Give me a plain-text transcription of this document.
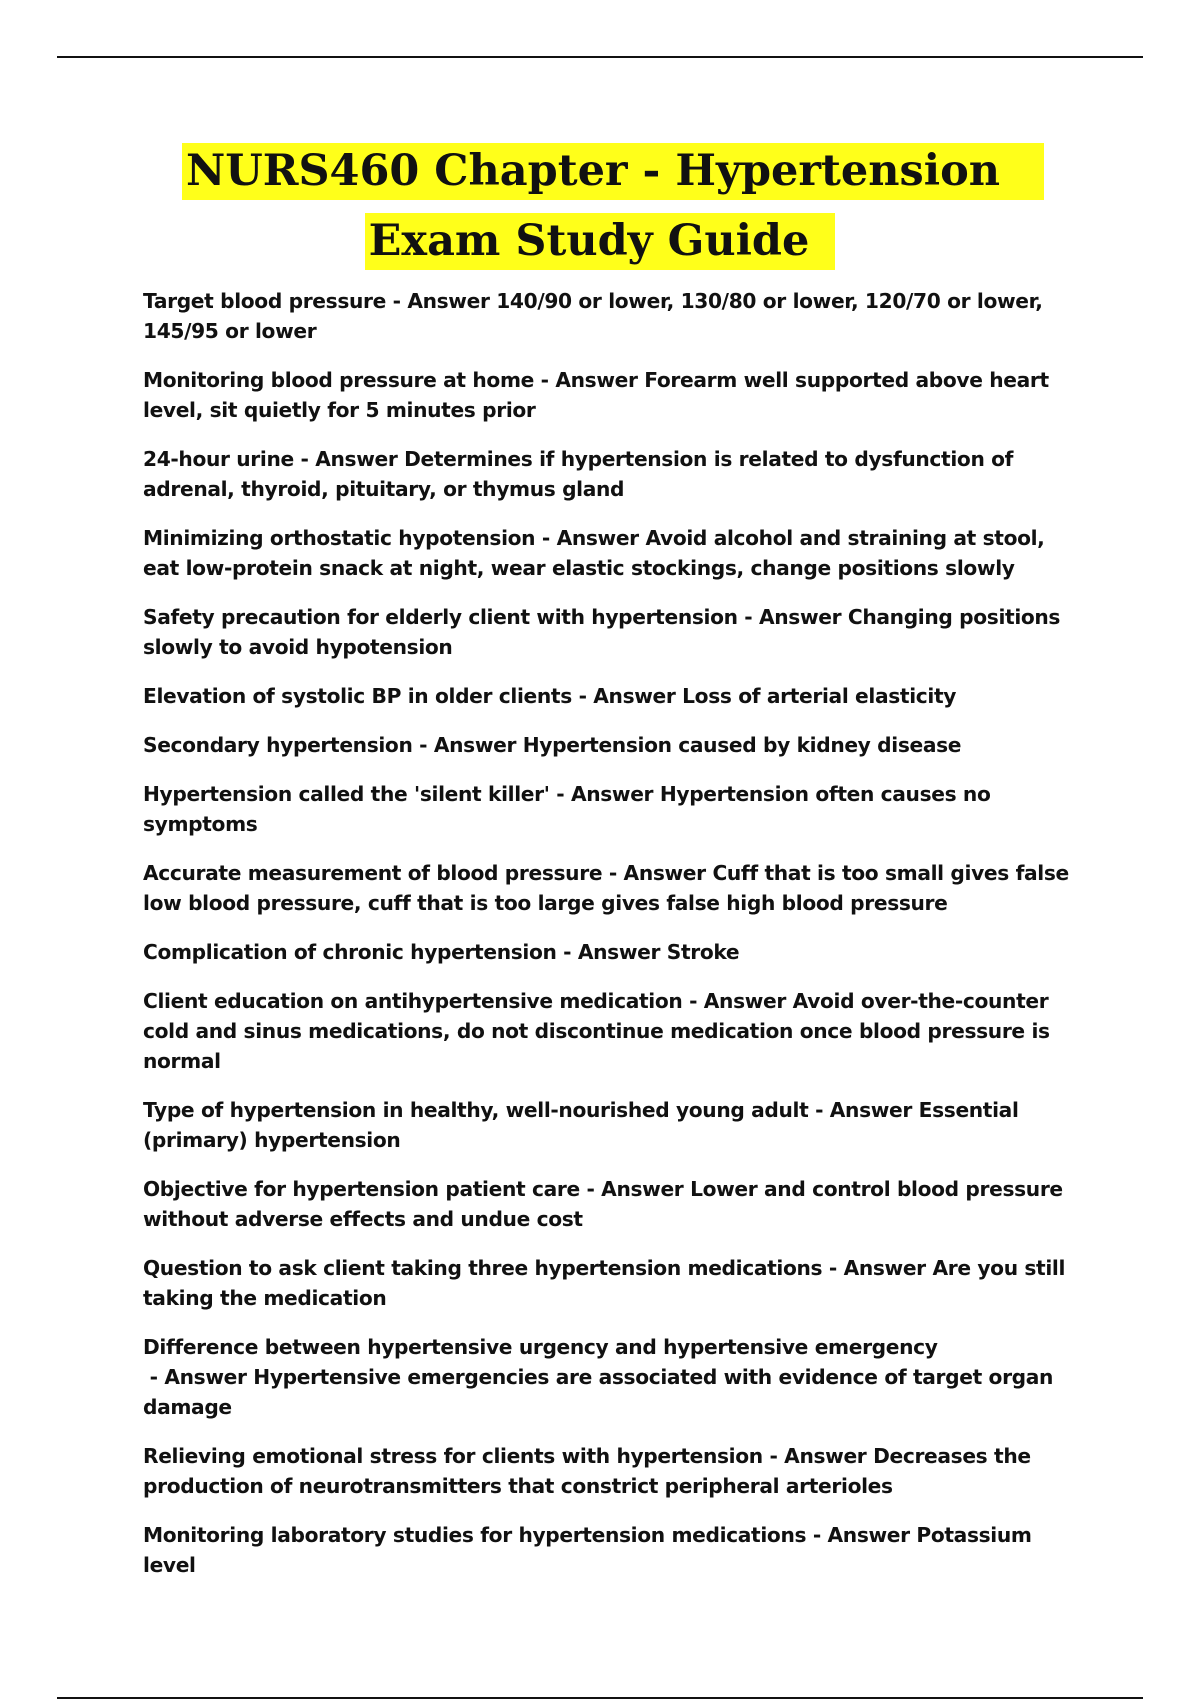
NURS460 Chapter - Hypertension
Exam Study Guide
Target blood pressure - Answer 140/90 or lower, 130/80 or lower, 120/70 or lower, 145/95 or lower
Monitoring blood pressure at home - Answer Forearm well supported above heart level, sit quietly for 5 minutes prior
24-hour urine - Answer Determines if hypertension is related to dysfunction of adrenal, thyroid, pituitary, or thymus gland
Minimizing orthostatic hypotension - Answer Avoid alcohol and straining at stool, eat low-protein snack at night, wear elastic stockings, change positions slowly
Safety precaution for elderly client with hypertension - Answer Changing positions slowly to avoid hypotension
Elevation of systolic BP in older clients - Answer Loss of arterial elasticity
Secondary hypertension - Answer Hypertension caused by kidney disease
Hypertension called the 'silent killer' - Answer Hypertension often causes no symptoms
Accurate measurement of blood pressure - Answer Cuff that is too small gives false low blood pressure, cuff that is too large gives false high blood pressure
Complication of chronic hypertension - Answer Stroke
Client education on antihypertensive medication - Answer Avoid over-the-counter cold and sinus medications, do not discontinue medication once blood pressure is normal
Type of hypertension in healthy, well-nourished young adult - Answer Essential (primary) hypertension
Objective for hypertension patient care - Answer Lower and control blood pressure without adverse effects and undue cost
Question to ask client taking three hypertension medications - Answer Are you still taking the medication
Difference between hypertensive urgency and hypertensive emergency - Answer Hypertensive emergencies are associated with evidence of target organ damage
Relieving emotional stress for clients with hypertension - Answer Decreases the production of neurotransmitters that constrict peripheral arterioles
Monitoring laboratory studies for hypertension medications - Answer Potassium level
